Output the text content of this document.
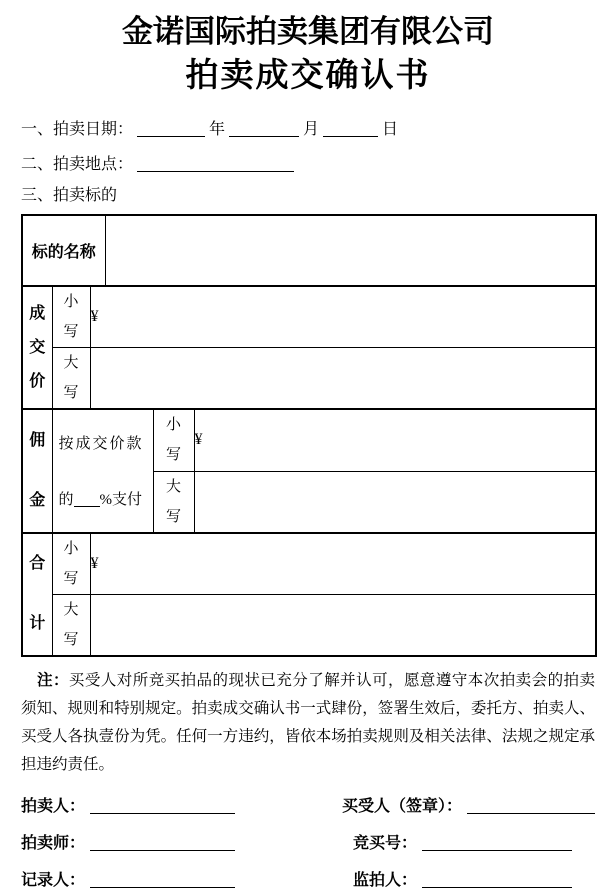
金诺国际拍卖集团有限公司
拍卖成交确认书
一、拍卖日期：	年	月	日
二、拍卖地点：
三、拍卖标的
标的名称					

成交价	小写	¥			

	大写				

佣金	按成交价款
的 %支付			小写	¥

				大写	

合计	小写	¥			

	大写				

注：买受人对所竞买拍品的现状已充分了解并认可，愿意遵守本次拍卖会的拍卖须知、规则和特别规定。拍卖成交确认书一式肆份，签署生效后，委托方、拍卖人、买受人各执壹份为凭。任何一方违约，皆依本场拍卖规则及相关法律、法规之规定承担违约责任。
拍卖人：	买受人（签章）：
拍卖师：	竞买号：
记录人：	监拍人：
